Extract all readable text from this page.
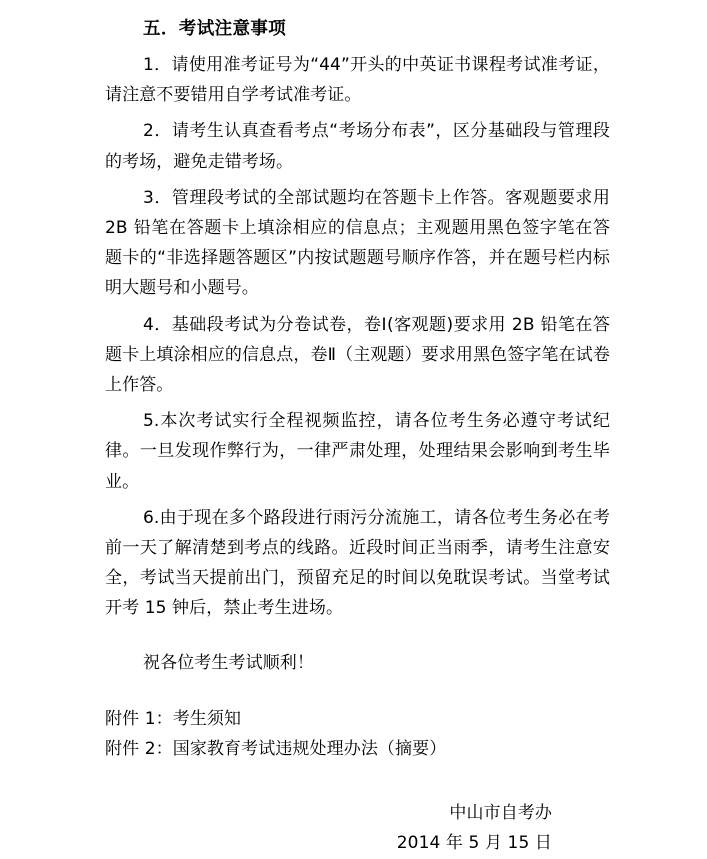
五．考试注意事项

1．请使用准考证号为“44”开头的中英证书课程考试准考证，请注意不要错用自学考试准考证。

2．请考生认真查看考点“考场分布表”，区分基础段与管理段的考场，避免走错考场。

3．管理段考试的全部试题均在答题卡上作答。客观题要求用 2B 铅笔在答题卡上填涂相应的信息点；主观题用黑色签字笔在答题卡的“非选择题答题区”内按试题题号顺序作答，并在题号栏内标明大题号和小题号。

4．基础段考试为分卷试卷，卷Ⅰ(客观题)要求用 2B 铅笔在答题卡上填涂相应的信息点，卷Ⅱ（主观题）要求用黑色签字笔在试卷上作答。

5.本次考试实行全程视频监控，请各位考生务必遵守考试纪律。一旦发现作弊行为，一律严肃处理，处理结果会影响到考生毕业。

6.由于现在多个路段进行雨污分流施工，请各位考生务必在考前一天了解清楚到考点的线路。近段时间正当雨季，请考生注意安全，考试当天提前出门，预留充足的时间以免耽误考试。当堂考试开考 15 钟后，禁止考生进场。

祝各位考生考试顺利！

附件 1：考生须知

附件 2：国家教育考试违规处理办法（摘要）

中山市自考办

2014 年 5 月 15 日
